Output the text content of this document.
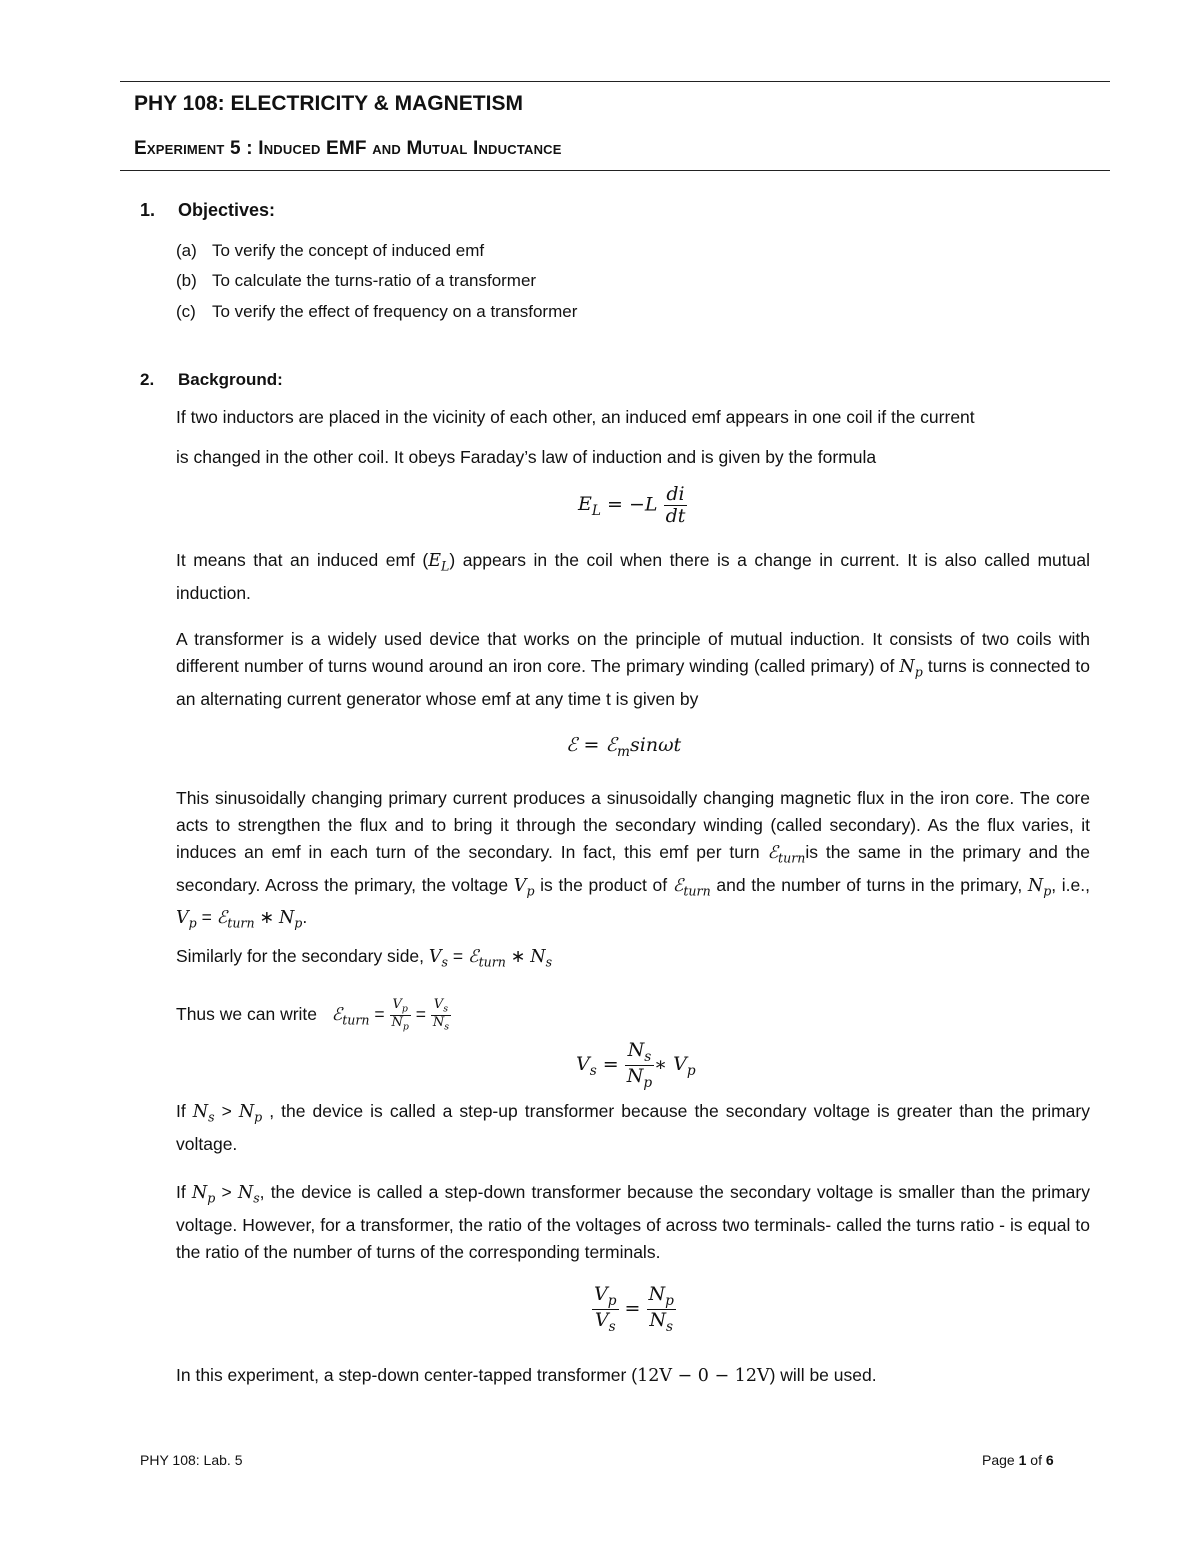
PHY 108: ELECTRICITY & MAGNETISM
Experiment 5 : Induced EMF and Mutual Inductance
1. Objectives:
(a) To verify the concept of induced emf
(b) To calculate the turns-ratio of a transformer
(c) To verify the effect of frequency on a transformer
2. Background:
If two inductors are placed in the vicinity of each other, an induced emf appears in one coil if the current
is changed in the other coil. It obeys Faraday’s law of induction and is given by the formula
$E_L = -L \frac{di}{dt}$
It means that an induced emf $(E_L)$ appears in the coil when there is a change in current. It is also called mutual induction.
A transformer is a widely used device that works on the principle of mutual induction. It consists of two coils with different number of turns wound around an iron core. The primary winding (called primary) of $N_p$ turns is connected to an alternating current generator whose emf at any time t is given by
ℰ = ℰ$_m$sinωt
This sinusoidally changing primary current produces a sinusoidally changing magnetic flux in the iron core. The core acts to strengthen the flux and to bring it through the secondary winding (called secondary). As the flux varies, it induces an emf in each turn of the secondary. In fact, this emf per turn ℰ$_{turn}$is the same in the primary and the secondary. Across the primary, the voltage $V_p$ is the product of ℰ$_{turn}$ and the number of turns in the primary, $N_p$, i.e., $V_p$ = ℰ$_{turn}$ ∗ $N_p$.
Similarly for the secondary side, $V_s$ = ℰ$_{turn}$ ∗ $N_s$
Thus we can write ℰ$_{turn}$ = $\frac{V_p}{N_p} = \frac{V_s}{N_s}$
$V_s = \frac{N_s}{N_p}$ ∗ $V_p$
If $N_s > N_p$ , the device is called a step-up transformer because the secondary voltage is greater than the primary voltage.
If $N_p > N_s$, the device is called a step-down transformer because the secondary voltage is smaller than the primary voltage. However, for a transformer, the ratio of the voltages of across two terminals- called the turns ratio - is equal to the ratio of the number of turns of the corresponding terminals.
$\frac{V_p}{V_s} = \frac{N_p}{N_s}$
In this experiment, a step-down center-tapped transformer (12V − 0 − 12V) will be used.
PHY 108: Lab. 5	Page 1 of 6
